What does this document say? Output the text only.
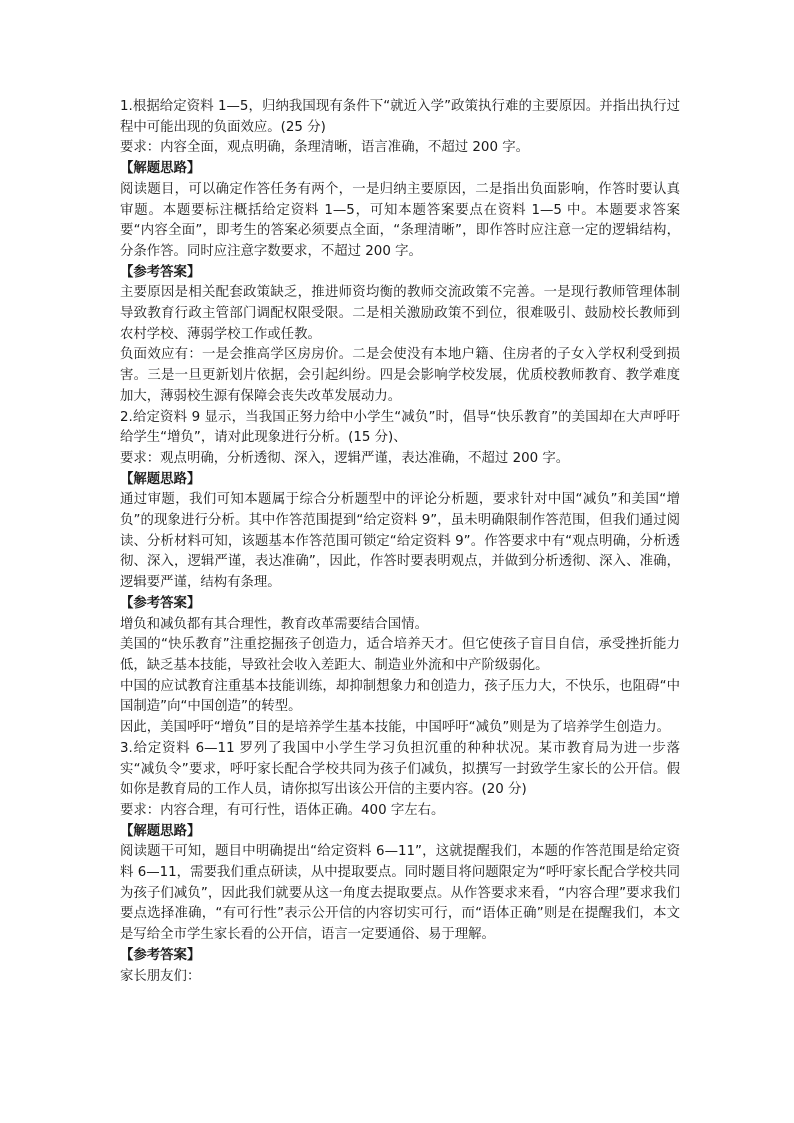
1.根据给定资料 1—5，归纳我国现有条件下“就近入学”政策执行难的主要原因。并指出执行过程中可能出现的负面效应。(25 分)

要求：内容全面，观点明确，条理清晰，语言准确，不超过 200 字。

【解题思路】

阅读题目，可以确定作答任务有两个，一是归纳主要原因，二是指出负面影响，作答时要认真审题。本题要标注概括给定资料 1—5，可知本题答案要点在资料 1—5 中。本题要求答案要“内容全面”，即考生的答案必须要点全面，“条理清晰”，即作答时应注意一定的逻辑结构，分条作答。同时应注意字数要求，不超过 200 字。

【参考答案】

主要原因是相关配套政策缺乏，推进师资均衡的教师交流政策不完善。一是现行教师管理体制导致教育行政主管部门调配权限受限。二是相关激励政策不到位，很难吸引、鼓励校长教师到农村学校、薄弱学校工作或任教。

负面效应有：一是会推高学区房房价。二是会使没有本地户籍、住房者的子女入学权利受到损害。三是一旦更新划片依据，会引起纠纷。四是会影响学校发展，优质校教师教育、教学难度加大，薄弱校生源有保障会丧失改革发展动力。

2.给定资料 9 显示，当我国正努力给中小学生“减负”时，倡导“快乐教育”的美国却在大声呼吁给学生“增负”，请对此现象进行分析。(15 分)、

要求：观点明确，分析透彻、深入，逻辑严谨，表达准确，不超过 200 字。

【解题思路】

通过审题，我们可知本题属于综合分析题型中的评论分析题，要求针对中国“减负”和美国“增负”的现象进行分析。其中作答范围提到“给定资料 9”，虽未明确限制作答范围，但我们通过阅读、分析材料可知，该题基本作答范围可锁定“给定资料 9”。作答要求中有“观点明确，分析透彻、深入，逻辑严谨，表达准确”，因此，作答时要表明观点，并做到分析透彻、深入、准确，逻辑要严谨，结构有条理。

【参考答案】

增负和减负都有其合理性，教育改革需要结合国情。

美国的“快乐教育”注重挖掘孩子创造力，适合培养天才。但它使孩子盲目自信，承受挫折能力低，缺乏基本技能，导致社会收入差距大、制造业外流和中产阶级弱化。

中国的应试教育注重基本技能训练，却抑制想象力和创造力，孩子压力大，不快乐，也阻碍“中国制造”向“中国创造”的转型。

因此，美国呼吁“增负”目的是培养学生基本技能，中国呼吁“减负”则是为了培养学生创造力。

3.给定资料 6—11 罗列了我国中小学生学习负担沉重的种种状况。某市教育局为进一步落实“减负令”要求，呼吁家长配合学校共同为孩子们减负，拟撰写一封致学生家长的公开信。假如你是教育局的工作人员，请你拟写出该公开信的主要内容。(20 分)

要求：内容合理，有可行性，语体正确。400 字左右。

【解题思路】

阅读题干可知，题目中明确提出“给定资料 6—11”，这就提醒我们，本题的作答范围是给定资料 6—11，需要我们重点研读，从中提取要点。同时题目将问题限定为“呼吁家长配合学校共同为孩子们减负”，因此我们就要从这一角度去提取要点。从作答要求来看，“内容合理”要求我们要点选择准确，“有可行性”表示公开信的内容切实可行，而“语体正确”则是在提醒我们，本文是写给全市学生家长看的公开信，语言一定要通俗、易于理解。

【参考答案】

家长朋友们：
